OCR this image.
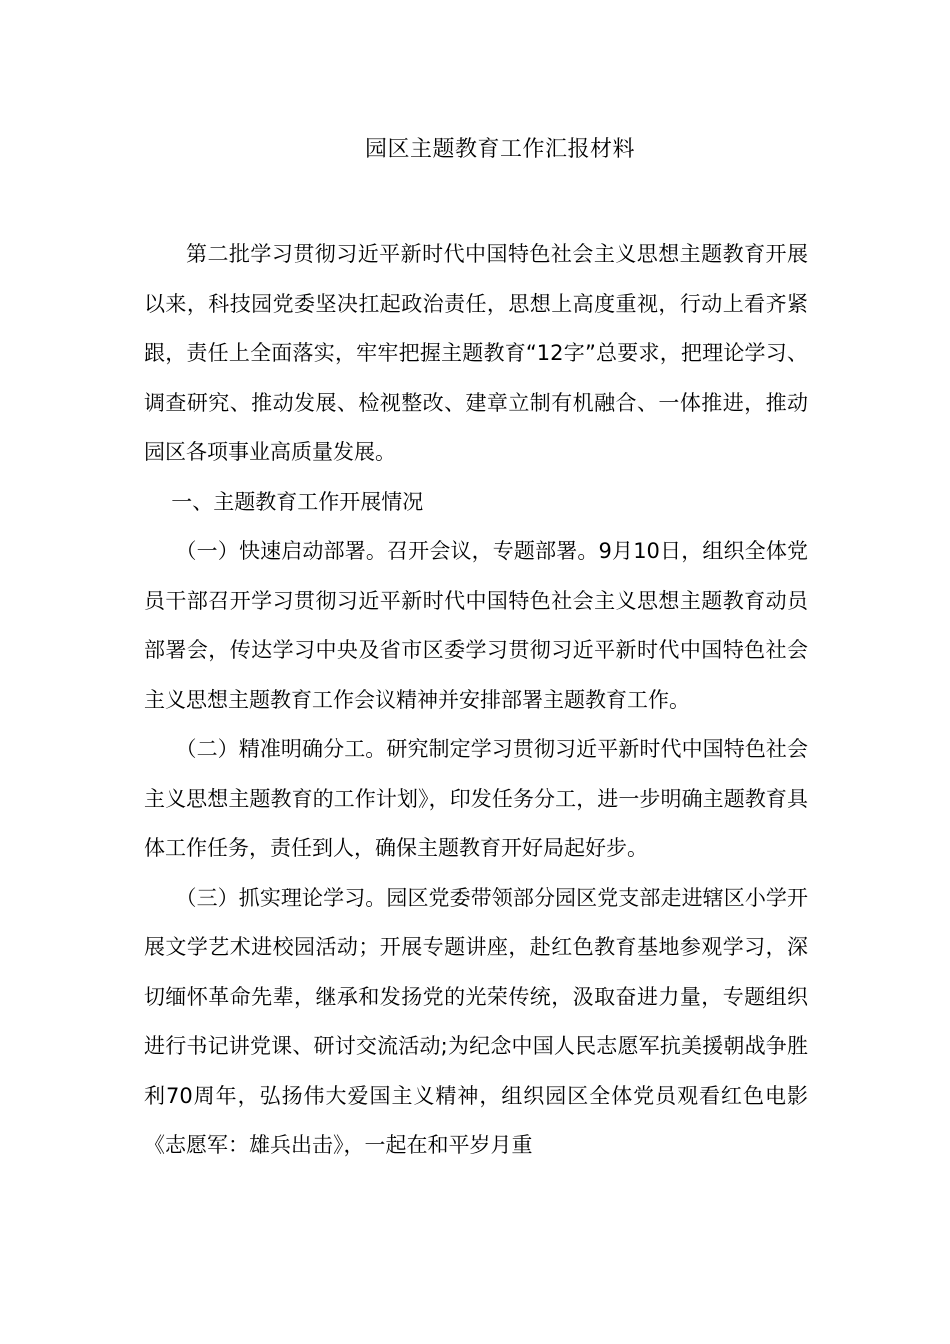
园区主题教育工作汇报材料

第二批学习贯彻习近平新时代中国特色社会主义思想主题教育开展以来，科技园党委坚决扛起政治责任，思想上高度重视，行动上看齐紧跟，责任上全面落实，牢牢把握主题教育“12字”总要求，把理论学习、调查研究、推动发展、检视整改、建章立制有机融合、一体推进，推动园区各项事业高质量发展。

一、主题教育工作开展情况

（一）快速启动部署。召开会议，专题部署。9月10日，组织全体党员干部召开学习贯彻习近平新时代中国特色社会主义思想主题教育动员部署会，传达学习中央及省市区委学习贯彻习近平新时代中国特色社会主义思想主题教育工作会议精神并安排部署主题教育工作。

（二）精准明确分工。研究制定学习贯彻习近平新时代中国特色社会主义思想主题教育的工作计划》，印发任务分工，进一步明确主题教育具体工作任务，责任到人，确保主题教育开好局起好步。

（三）抓实理论学习。园区党委带领部分园区党支部走进辖区小学开展文学艺术进校园活动；开展专题讲座，赴红色教育基地参观学习，深切缅怀革命先辈，继承和发扬党的光荣传统，汲取奋进力量，专题组织进行书记讲党课、研讨交流活动;为纪念中国人民志愿军抗美援朝战争胜利70周年，弘扬伟大爱国主义精神，组织园区全体党员观看红色电影《志愿军：雄兵出击》，一起在和平岁月重
